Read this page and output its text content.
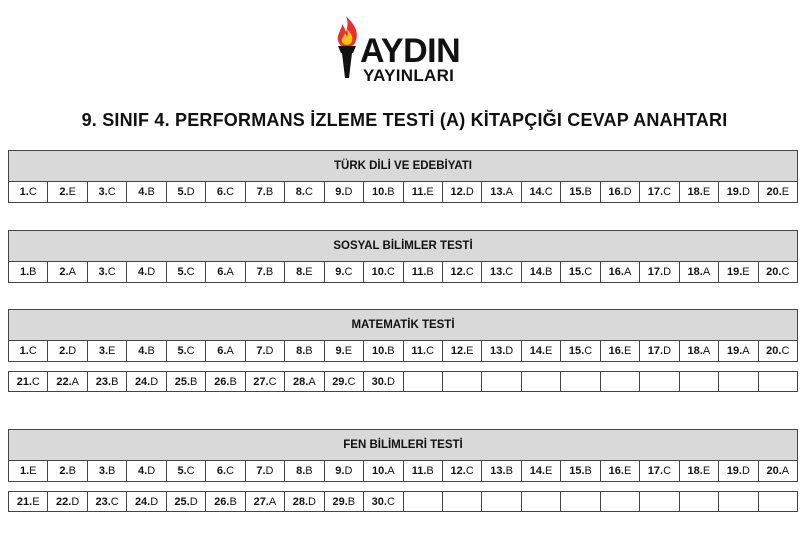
AYDIN
YAYINLARI
9. SINIF 4. PERFORMANS İZLEME TESTİ (A) KİTAPÇIĞI CEVAP ANAHTARI
TÜRK DİLİ VE EDEBİYATI
1. C 2. E 3. C 4. B 5. D 6. C 7. B 8. C 9. D 10. B 11. E 12. D 13. A 14. C 15. B 16. D 17. C 18. E 19. D 20. E
SOSYAL BİLİMLER TESTİ
1. B 2. A 3. C 4. D 5. C 6. A 7. B 8. E 9. C 10. C 11. B 12. C 13. C 14. B 15. C 16. A 17. D 18. A 19. E 20. C
MATEMATİK TESTİ
1. C 2. D 3. E 4. B 5. C 6. A 7. D 8. B 9. E 10. B 11. C 12. E 13. D 14. E 15. C 16. E 17. D 18. A 19. A 20. C
21. C 22. A 23. B 24. D 25. B 26. B 27. C 28. A 29. C 30. D
FEN BİLİMLERİ TESTİ
1. E 2. B 3. B 4. D 5. C 6. C 7. D 8. B 9. D 10. A 11. B 12. C 13. B 14. E 15. B 16. E 17. C 18. E 19. D 20. A
21. E 22. D 23. C 24. D 25. D 26. B 27. A 28. D 29. B 30. C
